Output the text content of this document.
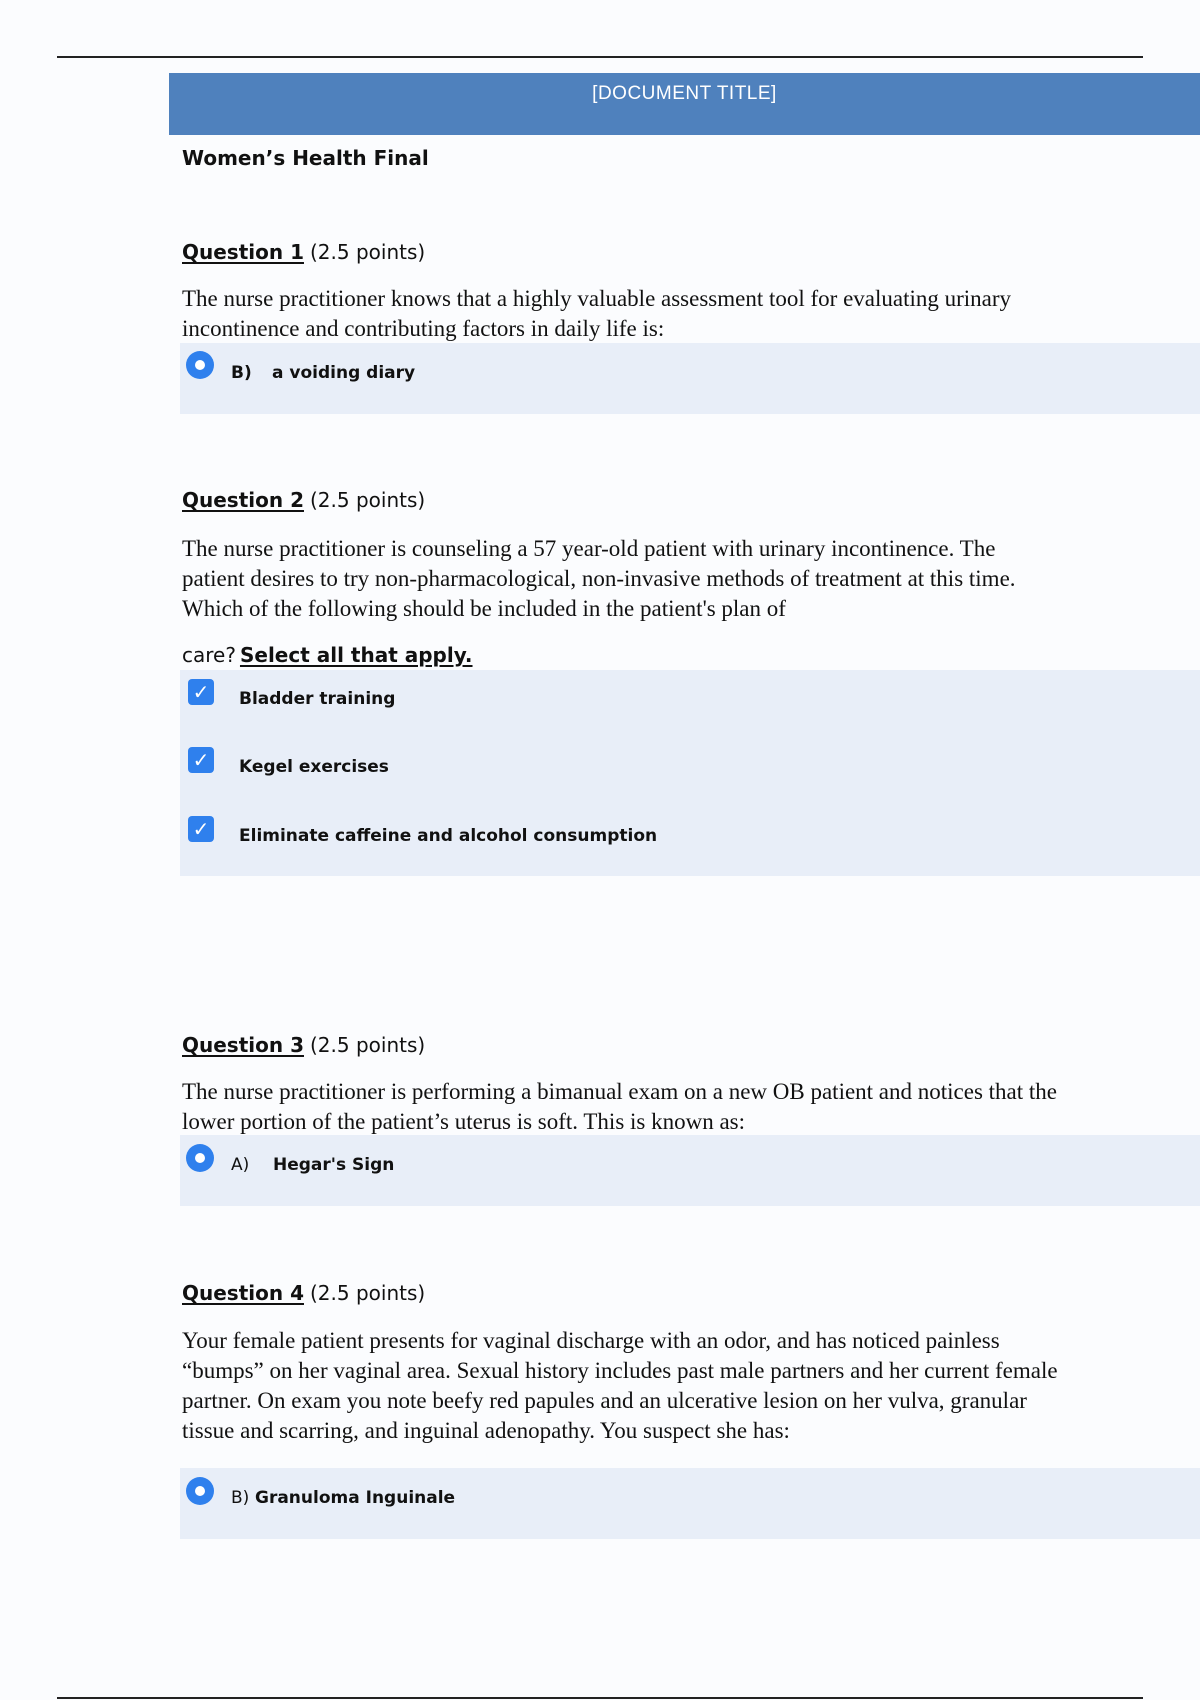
[DOCUMENT TITLE]
Women’s Health Final
Question 1 (2.5 points)
The nurse practitioner knows that a highly valuable assessment tool for evaluating urinary incontinence and contributing factors in daily life is:
B) a voiding diary
Question 2 (2.5 points)
The nurse practitioner is counseling a 57 year-old patient with urinary incontinence. The patient desires to try non-pharmacological, non-invasive methods of treatment at this time. Which of the following should be included in the patient's plan of
care? Select all that apply.
✓ Bladder training
✓ Kegel exercises
✓ Eliminate caffeine and alcohol consumption
Question 3 (2.5 points)
The nurse practitioner is performing a bimanual exam on a new OB patient and notices that the lower portion of the patient’s uterus is soft. This is known as:
A) Hegar's Sign
Question 4 (2.5 points)
Your female patient presents for vaginal discharge with an odor, and has noticed painless “bumps” on her vaginal area. Sexual history includes past male partners and her current female partner. On exam you note beefy red papules and an ulcerative lesion on her vulva, granular tissue and scarring, and inguinal adenopathy. You suspect she has:
B) Granuloma Inguinale
